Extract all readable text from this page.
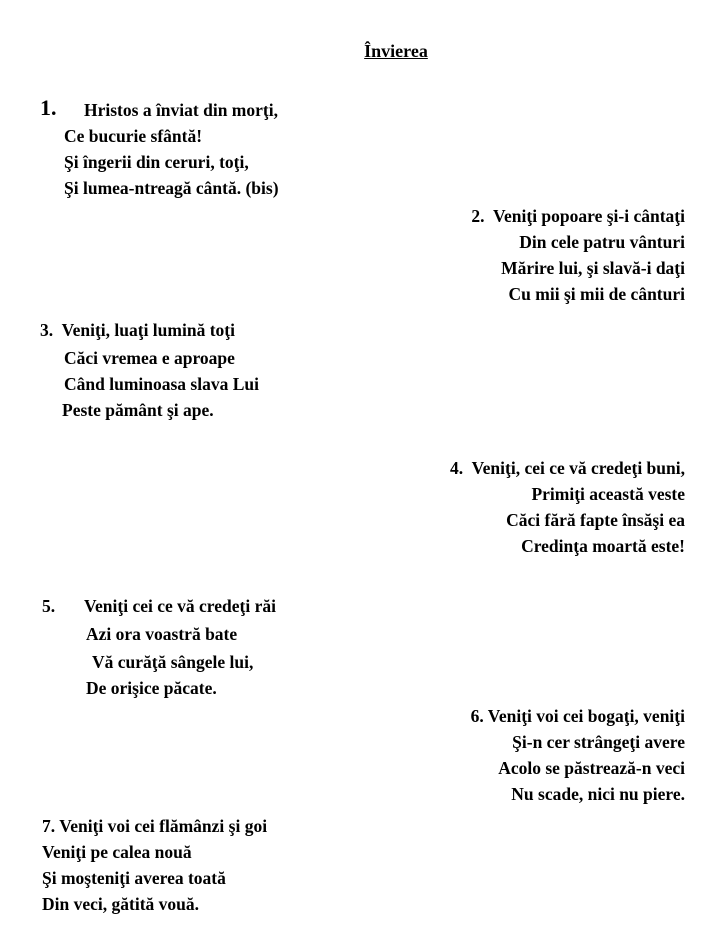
Învierea
1. Hristos a înviat din morţi,
Ce bucurie sfântă!
Şi îngerii din ceruri, toţi,
Şi lumea-ntreagă cântă. (bis)
2. Veniţi popoare şi-i cântaţi
Din cele patru vânturi
Mărire lui, şi slavă-i daţi
Cu mii şi mii de cânturi
3. Veniţi, luaţi lumină toţi
Căci vremea e aproape
Când luminoasa slava Lui
Peste pământ şi ape.
4. Veniţi, cei ce vă credeţi buni,
Primiţi această veste
Căci fără fapte însăşi ea
Credinţa moartă este!
5. Veniţi cei ce vă credeţi răi
Azi ora voastră bate
Vă curăţă sângele lui,
De orişice păcate.
6. Veniţi voi cei bogaţi, veniţi
Şi-n cer strângeţi avere
Acolo se păstrează-n veci
Nu scade, nici nu piere.
7. Veniţi voi cei flămânzi şi goi
Veniţi pe calea nouă
Şi moşteniţi averea toată
Din veci, gătită vouă.
